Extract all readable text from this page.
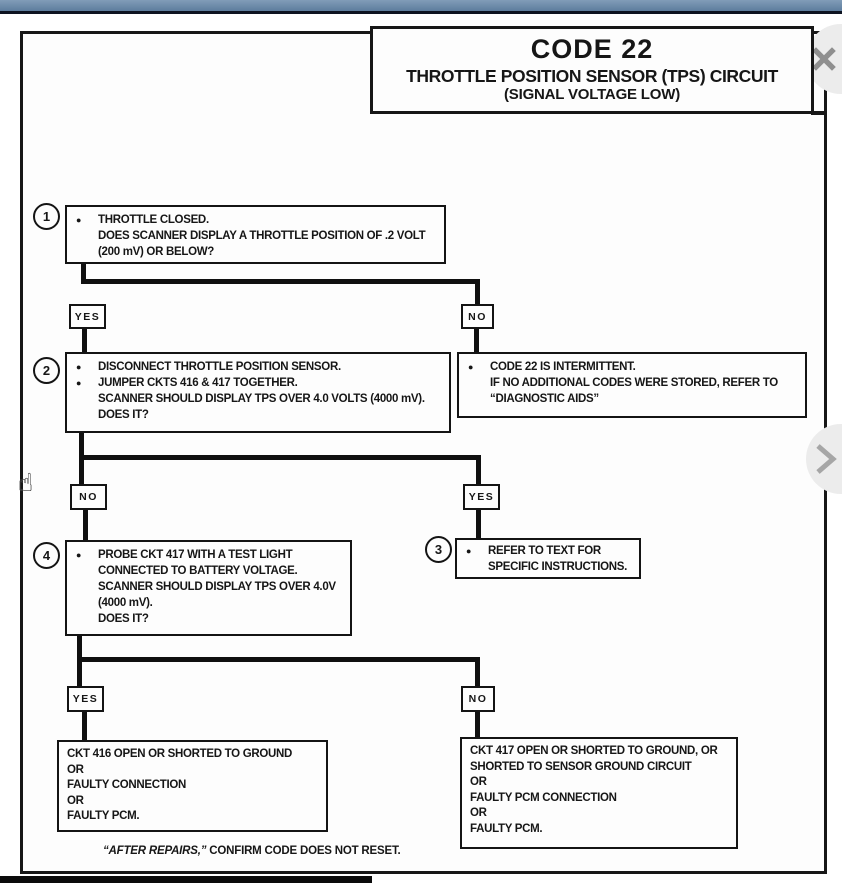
CODE 22
THROTTLE POSITION SENSOR (TPS) CIRCUIT
(SIGNAL VOLTAGE LOW)
1	●	THROTTLE CLOSED.
DOES SCANNER DISPLAY A THROTTLE POSITION OF .2 VOLT
(200 mV) OR BELOW?
YES	NO
2	●	DISCONNECT THROTTLE POSITION SENSOR.
●	JUMPER CKTS 416 & 417 TOGETHER.
SCANNER SHOULD DISPLAY TPS OVER 4.0 VOLTS (4000 mV).
DOES IT?
●	CODE 22 IS INTERMITTENT.
IF NO ADDITIONAL CODES WERE STORED, REFER TO
“DIAGNOSTIC AIDS”
NO	YES
4	●	PROBE CKT 417 WITH A TEST LIGHT
CONNECTED TO BATTERY VOLTAGE.
SCANNER SHOULD DISPLAY TPS OVER 4.0V
(4000 mV).
DOES IT?
3	●	REFER TO TEXT FOR
SPECIFIC INSTRUCTIONS.
YES	NO
CKT 416 OPEN OR SHORTED TO GROUND
OR
FAULTY CONNECTION
OR
FAULTY PCM.
CKT 417 OPEN OR SHORTED TO GROUND, OR
SHORTED TO SENSOR GROUND CIRCUIT
OR
FAULTY PCM CONNECTION
OR
FAULTY PCM.
“AFTER REPAIRS,” CONFIRM CODE DOES NOT RESET.
☝
